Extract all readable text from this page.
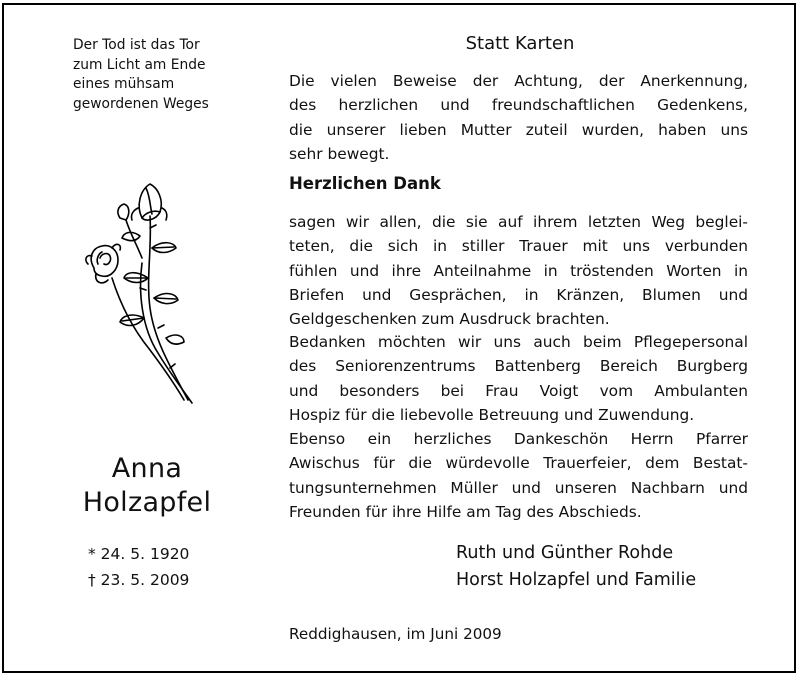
Der Tod ist das Tor
zum Licht am Ende
eines mühsam
gewordenen Weges
Anna
Holzapfel
* 24. 5. 1920
† 23. 5. 2009
Statt Karten
Die vielen Beweise der Achtung, der Anerkennung,
des herzlichen und freundschaftlichen Gedenkens,
die unserer lieben Mutter zuteil wurden, haben uns
sehr bewegt.
Herzlichen Dank
sagen wir allen, die sie auf ihrem letzten Weg beglei-
teten, die sich in stiller Trauer mit uns verbunden
fühlen und ihre Anteilnahme in tröstenden Worten in
Briefen und Gesprächen, in Kränzen, Blumen und
Geldgeschenken zum Ausdruck brachten.
Bedanken möchten wir uns auch beim Pflegepersonal
des Seniorenzentrums Battenberg Bereich Burgberg
und besonders bei Frau Voigt vom Ambulanten
Hospiz für die liebevolle Betreuung und Zuwendung.
Ebenso ein herzliches Dankeschön Herrn Pfarrer
Awischus für die würdevolle Trauerfeier, dem Bestat-
tungsunternehmen Müller und unseren Nachbarn und
Freunden für ihre Hilfe am Tag des Abschieds.
Ruth und Günther Rohde
Horst Holzapfel und Familie
Reddighausen, im Juni 2009
